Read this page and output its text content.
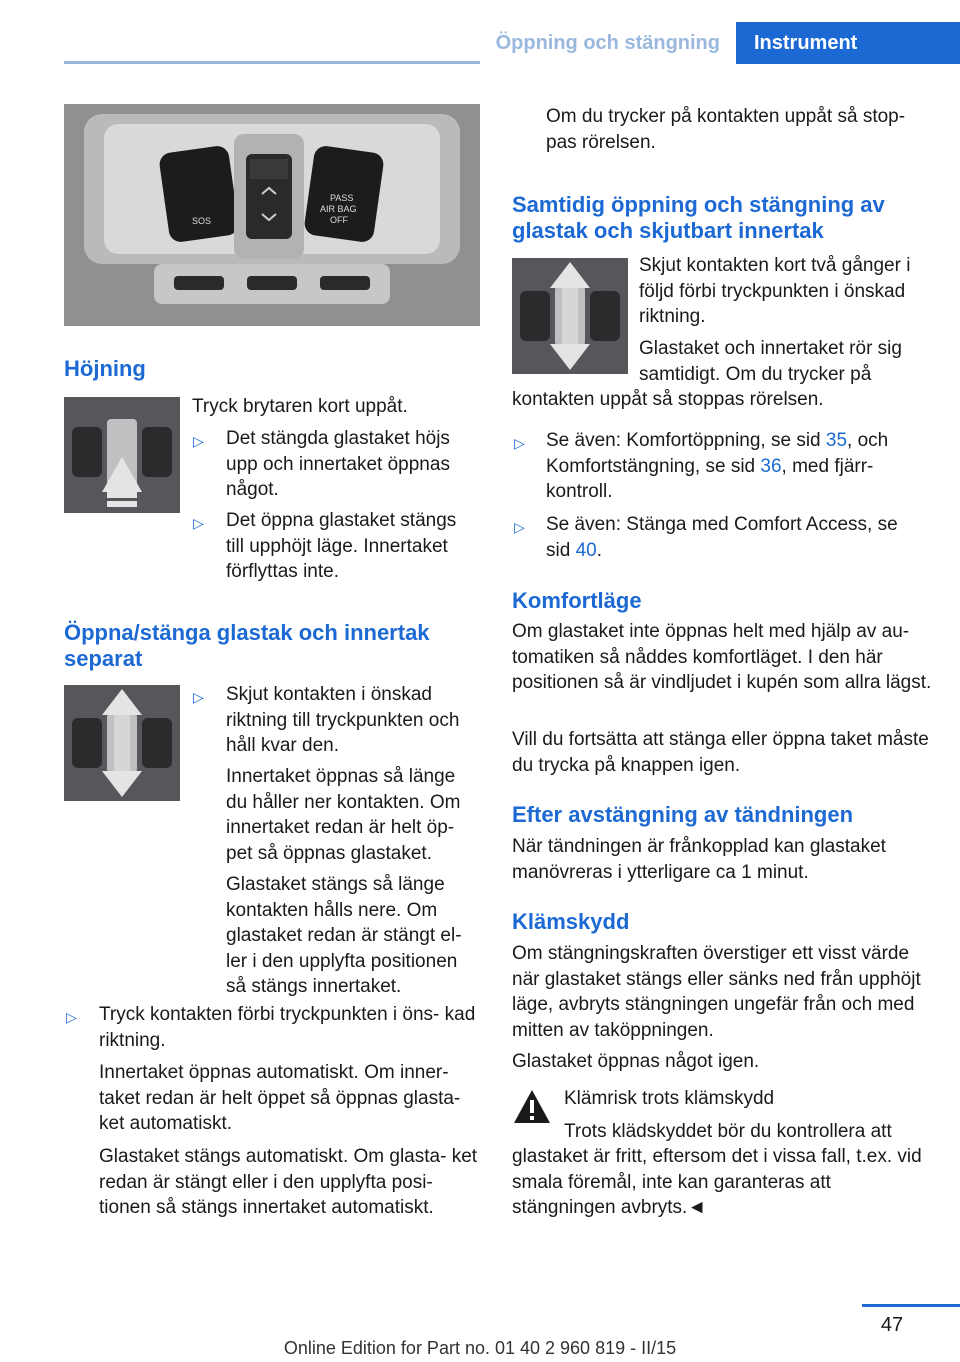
Öppning och stängning	Instrument
SOS
PASS
AIR BAG
OFF
Höjning
Tryck brytaren kort uppåt.
▷ Det stängda glastaket höjs upp och innertaket öppnas något.
▷ Det öppna glastaket stängs till upphöjt läge. Innertaket förflyttas inte.
Öppna/stänga glastak och innertak
separat
▷ Skjut kontakten i önskad riktning till tryckpunkten och håll kvar den.
Innertaket öppnas så länge du håller ner kontakten. Om innertaket redan är helt öp‐ pet så öppnas glastaket.
Glastaket stängs så länge kontakten hålls nere. Om glastaket redan är stängt el‐ ler i den upplyfta positionen så stängs innertaket.
▷ Tryck kontakten förbi tryckpunkten i öns‐ kad riktning.
Innertaket öppnas automatiskt. Om inner‐ taket redan är helt öppet så öppnas glasta‐ ket automatiskt.
Glastaket stängs automatiskt. Om glasta‐ ket redan är stängt eller i den upplyfta posi‐ tionen så stängs innertaket automatiskt.
Om du trycker på kontakten uppåt så stop‐ pas rörelsen.
Samtidig öppning och stängning av
glastak och skjutbart innertak
Skjut kontakten kort två gånger i följd förbi tryckpunkten i önskad riktning.
Glastaket och innertaket rör sig samtidigt. Om du trycker på
kontakten uppåt så stoppas rörelsen.
▷ Se även: Komfortöppning, se sid 35, och Komfortstängning, se sid 36, med fjärr‐ kontroll.
▷ Se även: Stänga med Comfort Access, se sid 40.
Komfortläge
Om glastaket inte öppnas helt med hjälp av au‐ tomatiken så nåddes komfortläget. I den här positionen så är vindljudet i kupén som allra lägst.
Vill du fortsätta att stänga eller öppna taket måste du trycka på knappen igen.
Efter avstängning av tändningen
När tändningen är frånkopplad kan glastaket manövreras i ytterligare ca 1 minut.
Klämskydd
Om stängningskraften överstiger ett visst värde när glastaket stängs eller sänks ned från upphöjt läge, avbryts stängningen ungefär från och med mitten av taköppningen.
Glastaket öppnas något igen.
Klämrisk trots klämskydd
Trots klädskyddet bör du kontrollera att
glastaket är fritt, eftersom det i vissa fall, t.ex. vid smala föremål, inte kan garanteras att stängningen avbryts.◄
47
Online Edition for Part no. 01 40 2 960 819 - II/15
